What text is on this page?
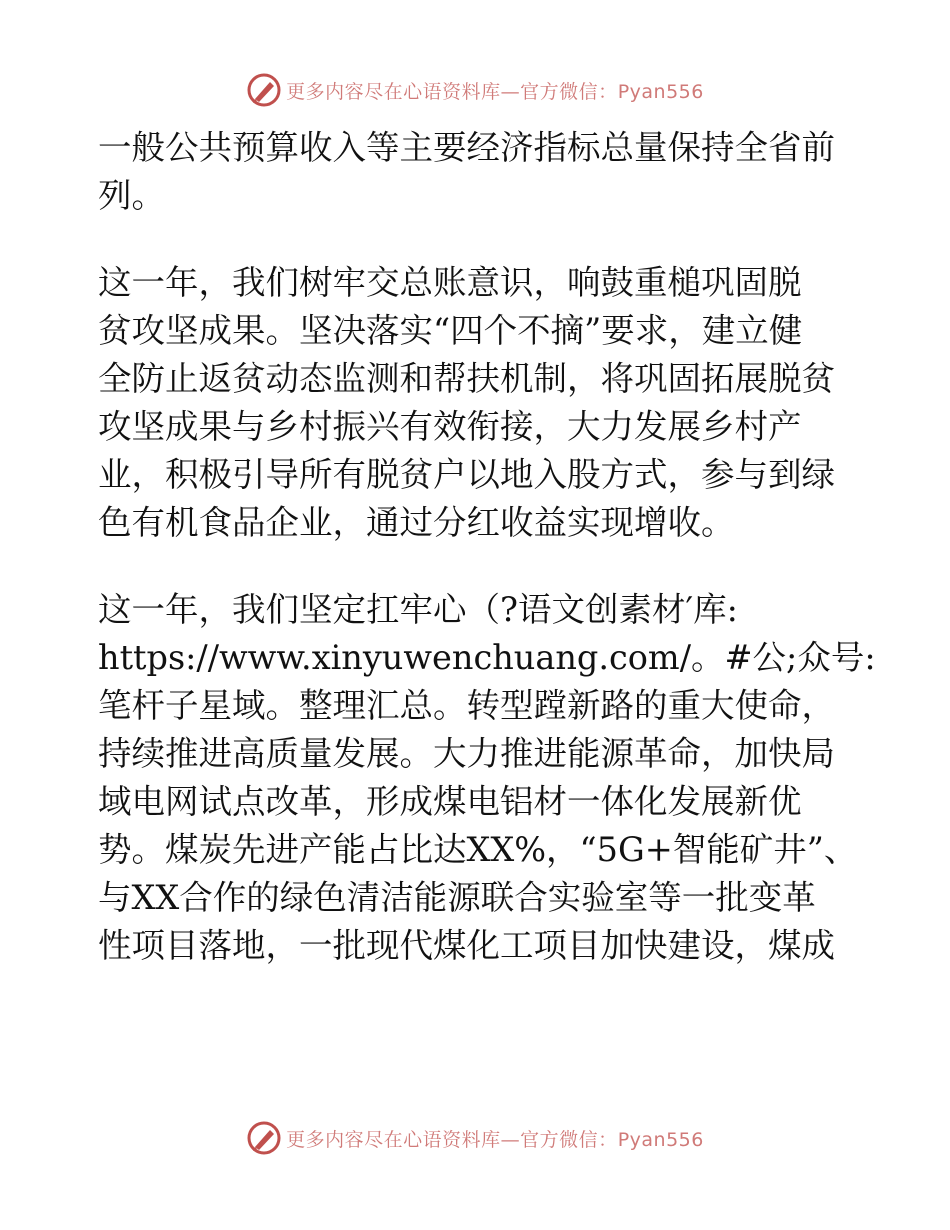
更多内容尽在心语资料库—官方微信：Pyan556

一般公共预算收入等主要经济指标总量保持全省前

列。

这一年，我们树牢交总账意识，响鼓重槌巩固脱

贫攻坚成果。坚决落实“四个不摘”要求，建立健

全防止返贫动态监测和帮扶机制，将巩固拓展脱贫

攻坚成果与乡村振兴有效衔接，大力发展乡村产

业，积极引导所有脱贫户以地入股方式，参与到绿

色有机食品企业，通过分红收益实现增收。

这一年，我们坚定扛牢心（?语文创素材′库:

https://www.xinyuwenchuang.com/。#公;众号:

笔杆子星域。整理汇总。转型蹚新路的重大使命，

持续推进高质量发展。大力推进能源革命，加快局

域电网试点改革，形成煤电铝材一体化发展新优

势。煤炭先进产能占比达XX%，“5G+智能矿井”、

与XX合作的绿色清洁能源联合实验室等一批变革

性项目落地，一批现代煤化工项目加快建设，煤成

更多内容尽在心语资料库—官方微信：Pyan556
